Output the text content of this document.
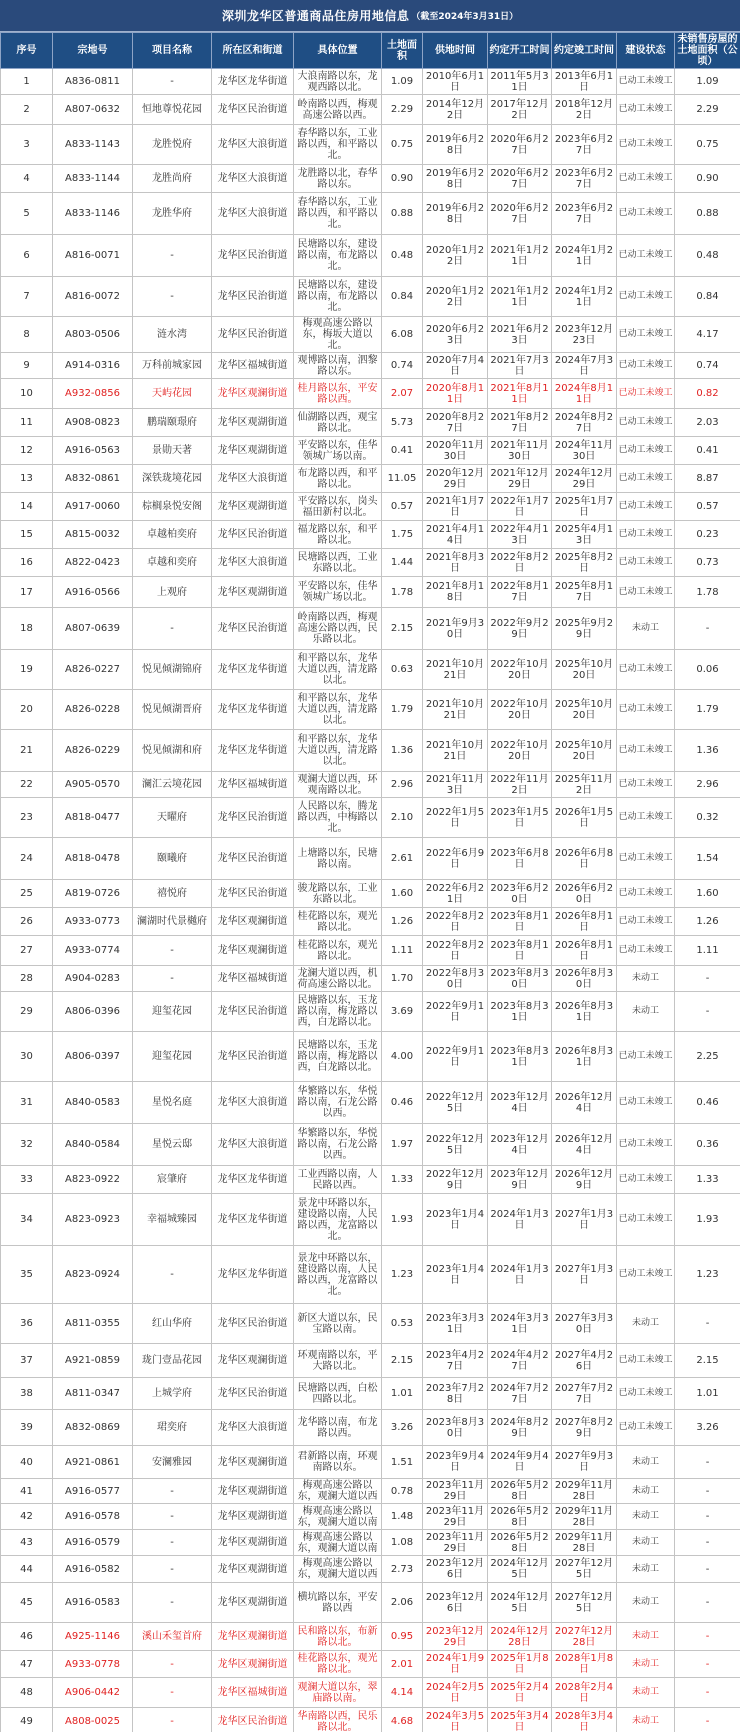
深圳龙华区普通商品住房用地信息 （截至2024年3月31日）
序号	宗地号	项目名称	所在区和街道	具体位置	土地面积	供地时间	约定开工时间	约定竣工时间	建设状态	未销售房屋的土地面积（公顷）
1	A836-0811	-	龙华区龙华街道	大浪南路以东，龙观西路以北。	1.09	2010年6月1日	2011年5月31日	2013年6月1日	已动工未竣工	1.09
2	A807-0632	恒地尊悦花园	龙华区民治街道	岭南路以西，梅观高速公路以西。	2.29	2014年12月2日	2017年12月2日	2018年12月2日	已动工未竣工	2.29
3	A833-1143	龙胜悦府	龙华区大浪街道	春华路以东，工业路以西，和平路以北。	0.75	2019年6月28日	2020年6月27日	2023年6月27日	已动工未竣工	0.75
4	A833-1144	龙胜尚府	龙华区大浪街道	龙胜路以北，春华路以东。	0.90	2019年6月28日	2020年6月27日	2023年6月27日	已动工未竣工	0.90
5	A833-1146	龙胜华府	龙华区大浪街道	春华路以东，工业路以西，和平路以北。	0.88	2019年6月28日	2020年6月27日	2023年6月27日	已动工未竣工	0.88
6	A816-0071	-	龙华区民治街道	民塘路以东，建设路以南，布龙路以北。	0.48	2020年1月22日	2021年1月21日	2024年1月21日	已动工未竣工	0.48
7	A816-0072	-	龙华区民治街道	民塘路以东，建设路以南，布龙路以北。	0.84	2020年1月22日	2021年1月21日	2024年1月21日	已动工未竣工	0.84
8	A803-0506	涟水湾	龙华区民治街道	梅观高速公路以东，梅坂大道以北。	6.08	2020年6月23日	2021年6月23日	2023年12月23日	已动工未竣工	4.17
9	A914-0316	万科前城家园	龙华区福城街道	观博路以南，泗黎路以东。	0.74	2020年7月4日	2021年7月3日	2024年7月3日	已动工未竣工	0.74
10	A932-0856	天屿花园	龙华区观澜街道	桂月路以东，平安路以西。	2.07	2020年8月11日	2021年8月11日	2024年8月11日	已动工未竣工	0.82
11	A908-0823	鹏瑞颐璟府	龙华区观湖街道	仙湖路以西，观宝路以北。	5.73	2020年8月27日	2021年8月27日	2024年8月27日	已动工未竣工	2.03
12	A916-0563	景勋天著	龙华区观湖街道	平安路以东，佳华领城广场以南。	0.41	2020年11月30日	2021年11月30日	2024年11月30日	已动工未竣工	0.41
13	A832-0861	深铁珑境花园	龙华区大浪街道	布龙路以西，和平路以北。	11.05	2020年12月29日	2021年12月29日	2024年12月29日	已动工未竣工	8.87
14	A917-0060	棕榈泉悦安阁	龙华区观湖街道	平安路以东，岗头福田新村以北。	0.57	2021年1月7日	2022年1月7日	2025年1月7日	已动工未竣工	0.57
15	A815-0032	卓越柏奕府	龙华区民治街道	福龙路以东，和平路以北。	1.75	2021年4月14日	2022年4月13日	2025年4月13日	已动工未竣工	0.23
16	A822-0423	卓越和奕府	龙华区大浪街道	民塘路以西，工业东路以北。	1.44	2021年8月3日	2022年8月2日	2025年8月2日	已动工未竣工	0.73
17	A916-0566	上观府	龙华区观湖街道	平安路以东，佳华领城广场以北。	1.78	2021年8月18日	2022年8月17日	2025年8月17日	已动工未竣工	1.78
18	A807-0639	-	龙华区民治街道	岭南路以西，梅观高速公路以西，民乐路以北。	2.15	2021年9月30日	2022年9月29日	2025年9月29日	未动工	-
19	A826-0227	悦见倾湖锦府	龙华区龙华街道	和平路以东，龙华大道以西，清龙路以北。	0.63	2021年10月21日	2022年10月20日	2025年10月20日	已动工未竣工	0.06
20	A826-0228	悦见倾湖晋府	龙华区龙华街道	和平路以东，龙华大道以西，清龙路以北。	1.79	2021年10月21日	2022年10月20日	2025年10月20日	已动工未竣工	1.79
21	A826-0229	悦见倾湖和府	龙华区龙华街道	和平路以东，龙华大道以西，清龙路以北。	1.36	2021年10月21日	2022年10月20日	2025年10月20日	已动工未竣工	1.36
22	A905-0570	澜汇云境花园	龙华区福城街道	观澜大道以西，环观南路以北。	2.96	2021年11月3日	2022年11月2日	2025年11月2日	已动工未竣工	2.96
23	A818-0477	天曜府	龙华区民治街道	人民路以东，腾龙路以西，中梅路以北。	2.10	2022年1月5日	2023年1月5日	2026年1月5日	已动工未竣工	0.32
24	A818-0478	颐曦府	龙华区民治街道	上塘路以东，民塘路以南。	2.61	2022年6月9日	2023年6月8日	2026年6月8日	已动工未竣工	1.54
25	A819-0726	禧悦府	龙华区民治街道	骏龙路以东，工业东路以北。	1.60	2022年6月21日	2023年6月20日	2026年6月20日	已动工未竣工	1.60
26	A933-0773	澜湖时代景樾府	龙华区观澜街道	桂花路以东，观光路以北。	1.26	2022年8月2日	2023年8月1日	2026年8月1日	已动工未竣工	1.26
27	A933-0774	-	龙华区观澜街道	桂花路以东，观光路以北。	1.11	2022年8月2日	2023年8月1日	2026年8月1日	已动工未竣工	1.11
28	A904-0283	-	龙华区福城街道	龙澜大道以西，机荷高速公路以北。	1.70	2022年8月30日	2023年8月30日	2026年8月30日	未动工	-
29	A806-0396	迎玺花园	龙华区民治街道	民塘路以东，玉龙路以南，梅龙路以西，白龙路以北。	3.69	2022年9月1日	2023年8月31日	2026年8月31日	未动工	-
30	A806-0397	迎玺花园	龙华区民治街道	民塘路以东，玉龙路以南，梅龙路以西，白龙路以北。	4.00	2022年9月1日	2023年8月31日	2026年8月31日	已动工未竣工	2.25
31	A840-0583	星悦名庭	龙华区大浪街道	华繁路以东，华悦路以南，石龙公路以西。	0.46	2022年12月5日	2023年12月4日	2026年12月4日	已动工未竣工	0.46
32	A840-0584	星悦云邸	龙华区大浪街道	华繁路以东，华悦路以南，石龙公路以西。	1.97	2022年12月5日	2023年12月4日	2026年12月4日	已动工未竣工	0.36
33	A823-0922	宸肇府	龙华区龙华街道	工业西路以南，人民路以西。	1.33	2022年12月9日	2023年12月9日	2026年12月9日	已动工未竣工	1.33
34	A823-0923	幸福城臻园	龙华区龙华街道	景龙中环路以东，建设路以南，人民路以西，龙富路以北。	1.93	2023年1月4日	2024年1月3日	2027年1月3日	已动工未竣工	1.93
35	A823-0924	-	龙华区龙华街道	景龙中环路以东，建设路以南，人民路以西，龙富路以北。	1.23	2023年1月4日	2024年1月3日	2027年1月3日	已动工未竣工	1.23
36	A811-0355	红山华府	龙华区民治街道	新区大道以东，民宝路以南。	0.53	2023年3月31日	2024年3月31日	2027年3月30日	未动工	-
37	A921-0859	珑门壹品花园	龙华区观澜街道	环观南路以东，平大路以北。	2.15	2023年4月27日	2024年4月27日	2027年4月26日	已动工未竣工	2.15
38	A811-0347	上城学府	龙华区民治街道	民塘路以西，白松四路以北。	1.01	2023年7月28日	2024年7月27日	2027年7月27日	已动工未竣工	1.01
39	A832-0869	珺奕府	龙华区大浪街道	龙华路以南，布龙路以西。	3.26	2023年8月30日	2024年8月29日	2027年8月29日	已动工未竣工	3.26
40	A921-0861	安澜雅园	龙华区观澜街道	君新路以南，环观南路以东。	1.51	2023年9月4日	2024年9月4日	2027年9月3日	未动工	-
41	A916-0577	-	龙华区观湖街道	梅观高速公路以东，观澜大道以西	0.78	2023年11月29日	2026年5月28日	2029年11月28日	未动工	-
42	A916-0578	-	龙华区观湖街道	梅观高速公路以东，观澜大道以南	1.48	2023年11月29日	2026年5月28日	2029年11月28日	未动工	-
43	A916-0579	-	龙华区观湖街道	梅观高速公路以东，观澜大道以南	1.08	2023年11月29日	2026年5月28日	2029年11月28日	未动工	-
44	A916-0582	-	龙华区观湖街道	梅观高速公路以东，观澜大道以西	2.73	2023年12月6日	2024年12月5日	2027年12月5日	未动工	-
45	A916-0583	-	龙华区观湖街道	横坑路以东，平安路以西	2.06	2023年12月6日	2024年12月5日	2027年12月5日	未动工	-
46	A925-1146	溪山禾玺首府	龙华区观澜街道	民和路以东，布新路以北。	0.95	2023年12月29日	2024年12月28日	2027年12月28日	未动工	-
47	A933-0778	-	龙华区观澜街道	桂花路以东，观光路以北。	2.01	2024年1月9日	2025年1月8日	2028年1月8日	未动工	-
48	A906-0442	-	龙华区福城街道	观澜大道以东，翠庙路以南。	4.14	2024年2月5日	2025年2月4日	2028年2月4日	未动工	-
49	A808-0025	-	龙华区民治街道	华南路以西，民乐路以北。	4.68	2024年3月5日	2025年3月4日	2028年3月4日	未动工	-
